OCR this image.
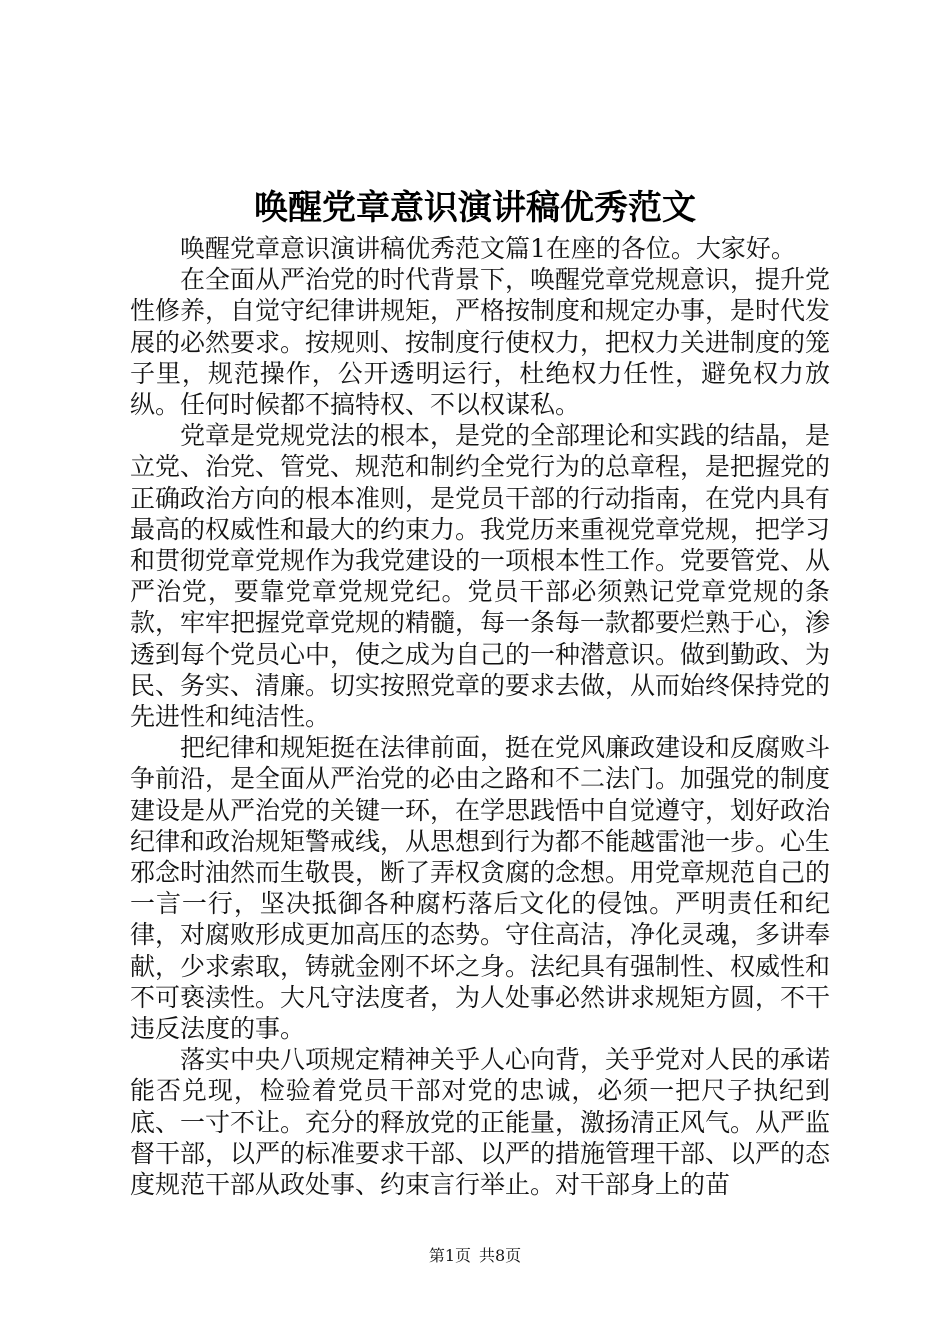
唤醒党章意识演讲稿优秀范文

唤醒党章意识演讲稿优秀范文篇1在座的各位。大家好。

在全面从严治党的时代背景下，唤醒党章党规意识，提升党性修养，自觉守纪律讲规矩，严格按制度和规定办事，是时代发展的必然要求。按规则、按制度行使权力，把权力关进制度的笼子里，规范操作，公开透明运行，杜绝权力任性，避免权力放纵。任何时候都不搞特权、不以权谋私。

党章是党规党法的根本，是党的全部理论和实践的结晶，是立党、治党、管党、规范和制约全党行为的总章程，是把握党的正确政治方向的根本准则，是党员干部的行动指南，在党内具有最高的权威性和最大的约束力。我党历来重视党章党规，把学习和贯彻党章党规作为我党建设的一项根本性工作。党要管党、从严治党，要靠党章党规党纪。党员干部必须熟记党章党规的条款，牢牢把握党章党规的精髓，每一条每一款都要烂熟于心，渗透到每个党员心中，使之成为自己的一种潜意识。做到勤政、为民、务实、清廉。切实按照党章的要求去做，从而始终保持党的先进性和纯洁性。

把纪律和规矩挺在法律前面，挺在党风廉政建设和反腐败斗争前沿，是全面从严治党的必由之路和不二法门。加强党的制度建设是从严治党的关键一环，在学思践悟中自觉遵守，划好政治纪律和政治规矩警戒线，从思想到行为都不能越雷池一步。心生邪念时油然而生敬畏，断了弄权贪腐的念想。用党章规范自己的一言一行，坚决抵御各种腐朽落后文化的侵蚀。严明责任和纪律，对腐败形成更加高压的态势。守住高洁，净化灵魂，多讲奉献，少求索取，铸就金刚不坏之身。法纪具有强制性、权威性和不可亵渎性。大凡守法度者，为人处事必然讲求规矩方圆，不干违反法度的事。

落实中央八项规定精神关乎人心向背，关乎党对人民的承诺能否兑现，检验着党员干部对党的忠诚，必须一把尺子执纪到底、一寸不让。充分的释放党的正能量，激扬清正风气。从严监督干部，以严的标准要求干部、以严的措施管理干部、以严的态度规范干部从政处事、约束言行举止。对干部身上的苗

第1页 共8页
